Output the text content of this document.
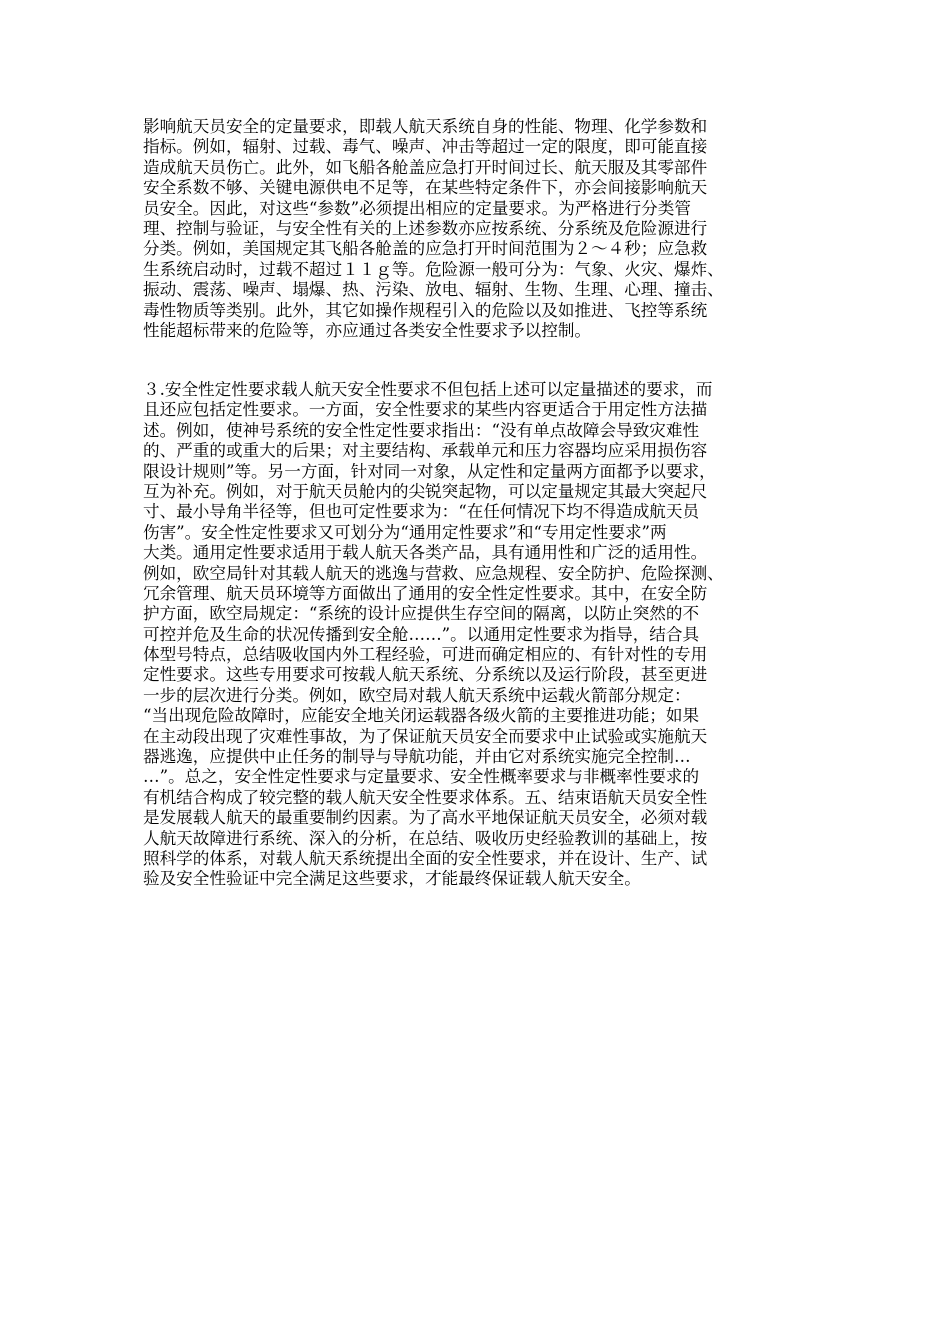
影响航天员安全的定量要求，即载人航天系统自身的性能、物理、化学参数和
指标。例如，辐射、过载、毒气、噪声、冲击等超过一定的限度，即可能直接
造成航天员伤亡。此外，如飞船各舱盖应急打开时间过长、航天服及其零部件
安全系数不够、关键电源供电不足等，在某些特定条件下，亦会间接影响航天
员安全。因此，对这些“参数”必须提出相应的定量要求。为严格进行分类管
理、控制与验证，与安全性有关的上述参数亦应按系统、分系统及危险源进行
分类。例如，美国规定其飞船各舱盖的应急打开时间范围为２～４秒；应急救
生系统启动时，过载不超过１１ｇ等。危险源一般可分为：气象、火灾、爆炸、
振动、震荡、噪声、塌爆、热、污染、放电、辐射、生物、生理、心理、撞击、
毒性物质等类别。此外，其它如操作规程引入的危险以及如推进、飞控等系统
性能超标带来的危险等，亦应通过各类安全性要求予以控制。
３.安全性定性要求载人航天安全性要求不但包括上述可以定量描述的要求，而
且还应包括定性要求。一方面，安全性要求的某些内容更适合于用定性方法描
述。例如，使神号系统的安全性定性要求指出：“没有单点故障会导致灾难性
的、严重的或重大的后果；对主要结构、承载单元和压力容器均应采用损伤容
限设计规则”等。另一方面，针对同一对象，从定性和定量两方面都予以要求，
互为补充。例如，对于航天员舱内的尖锐突起物，可以定量规定其最大突起尺
寸、最小导角半径等，但也可定性要求为：“在任何情况下均不得造成航天员
伤害”。安全性定性要求又可划分为“通用定性要求”和“专用定性要求”两
大类。通用定性要求适用于载人航天各类产品，具有通用性和广泛的适用性。
例如，欧空局针对其载人航天的逃逸与营救、应急规程、安全防护、危险探测、
冗余管理、航天员环境等方面做出了通用的安全性定性要求。其中，在安全防
护方面，欧空局规定：“系统的设计应提供生存空间的隔离，以防止突然的不
可控并危及生命的状况传播到安全舱……”。以通用定性要求为指导，结合具
体型号特点，总结吸收国内外工程经验，可进而确定相应的、有针对性的专用
定性要求。这些专用要求可按载人航天系统、分系统以及运行阶段，甚至更进
一步的层次进行分类。例如，欧空局对载人航天系统中运载火箭部分规定：
“当出现危险故障时，应能安全地关闭运载器各级火箭的主要推进功能；如果
在主动段出现了灾难性事故，为了保证航天员安全而要求中止试验或实施航天
器逃逸，应提供中止任务的制导与导航功能，并由它对系统实施完全控制…
…”。总之，安全性定性要求与定量要求、安全性概率要求与非概率性要求的
有机结合构成了较完整的载人航天安全性要求体系。五、结束语航天员安全性
是发展载人航天的最重要制约因素。为了高水平地保证航天员安全，必须对载
人航天故障进行系统、深入的分析，在总结、吸收历史经验教训的基础上，按
照科学的体系，对载人航天系统提出全面的安全性要求，并在设计、生产、试
验及安全性验证中完全满足这些要求，才能最终保证载人航天安全。
